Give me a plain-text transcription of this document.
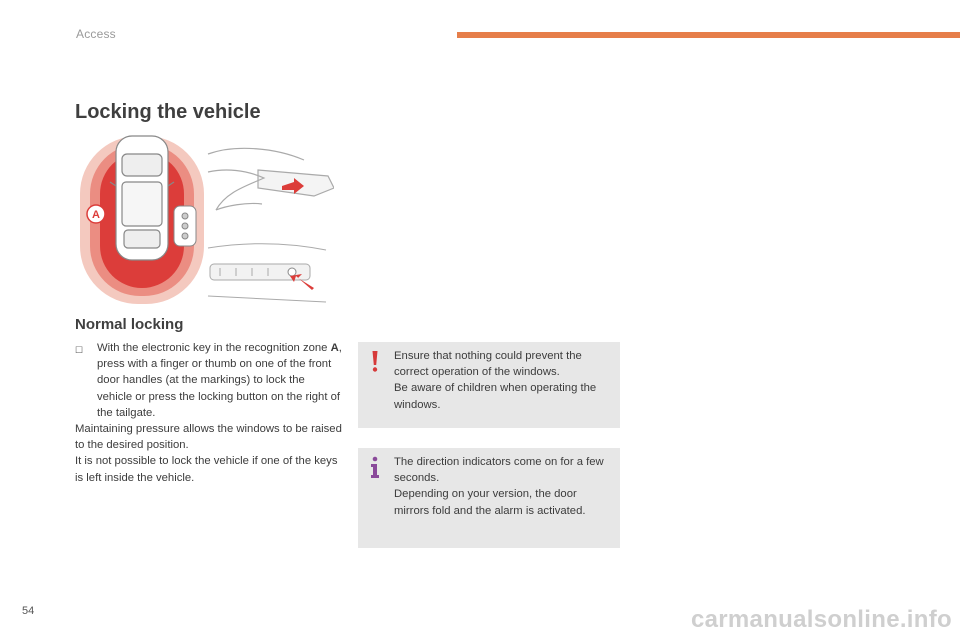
Access
Locking the vehicle
A
Normal locking
☐	With the electronic key in the recognition zone A, press with a finger or thumb on one of the front door handles (at the markings) to lock the vehicle or press the locking button on the right of the tailgate.

Maintaining pressure allows the windows to be raised to the desired position.

It is not possible to lock the vehicle if one of the keys is left inside the vehicle.

Ensure that nothing could prevent the correct operation of the windows.

Be aware of children when operating the windows.

The direction indicators come on for a few seconds.

Depending on your version, the door mirrors fold and the alarm is activated.

54	carmanualsonline.info
